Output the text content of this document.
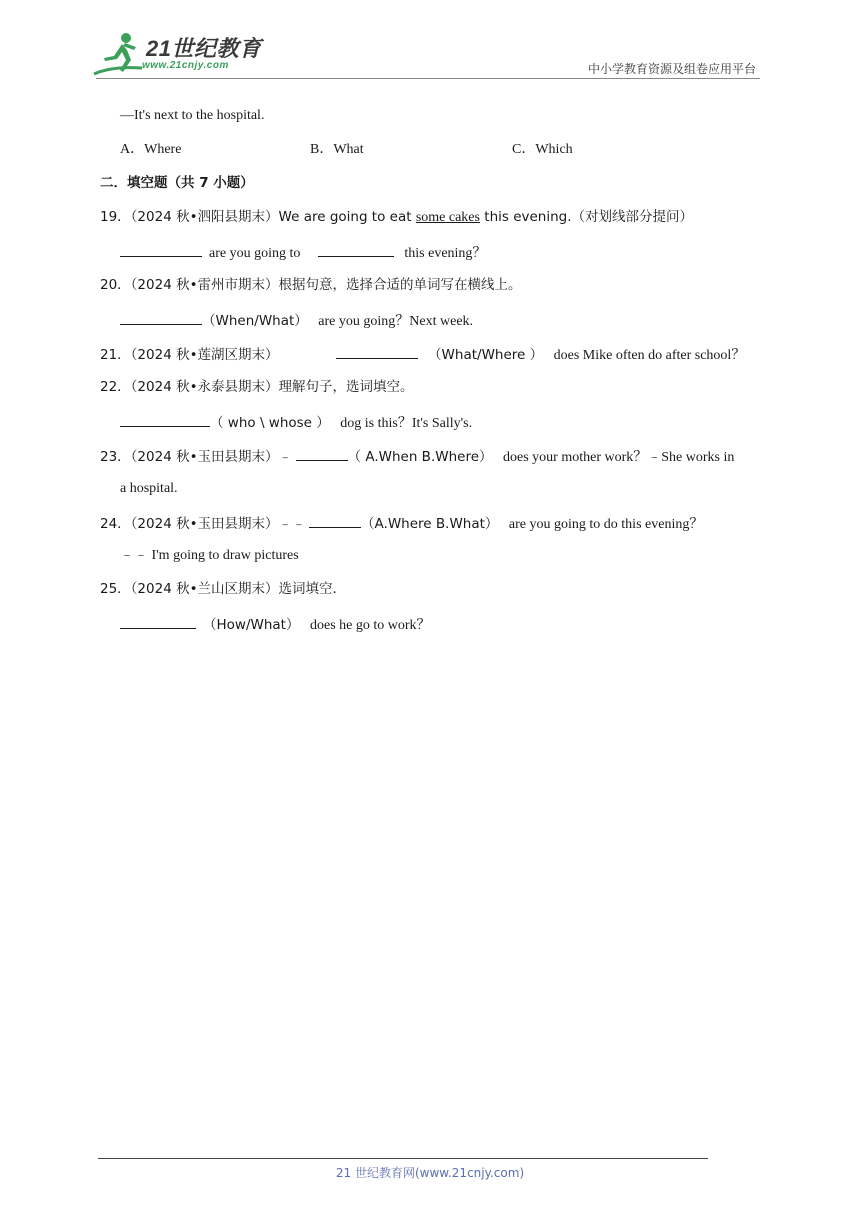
21世纪教育
www.21cnjy.com	中小学教育资源及组卷应用平台
—It's next to the hospital.
A．Where	B．What	C．Which
二．填空题（共 7 小题）
19．（2024 秋•泗阳县期末）We are going to eat some cakes this evening.（对划线部分提问）
are you going to	this evening？
20．（2024 秋•雷州市期末）根据句意，选择合适的单词写在横线上。
（When/What） are you going？Next week.
21．（2024 秋•莲湖区期末）	（What/Where ） does Mike often do after school？
22．（2024 秋•永泰县期末）理解句子，选词填空。
（ who \ whose ） dog is this？It's Sally's.
23．（2024 秋•玉田县期末）﹣	（ A.When B.Where） does your mother work？﹣She works in
a hospital.
24．（2024 秋•玉田县期末）﹣﹣	（A.Where B.What） are you going to do this evening？
﹣﹣ I'm going to draw pictures
25．（2024 秋•兰山区期末）选词填空．
（How/What） does he go to work？
21 世纪教育网(www.21cnjy.com)
